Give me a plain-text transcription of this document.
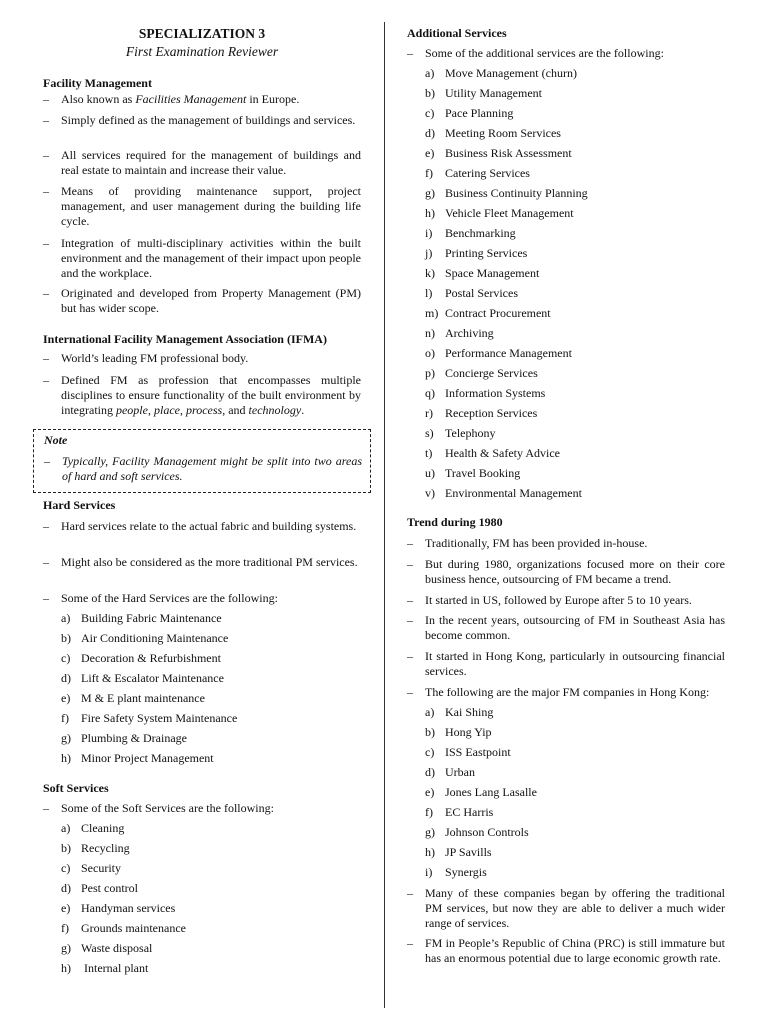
SPECIALIZATION 3
First Examination Reviewer
Facility Management
– Also known as Facilities Management in Europe.
– Simply defined as the management of buildings and services.
– All services required for the management of buildings and real estate to maintain and increase their value.
– Means of providing maintenance support, project management, and user management during the building life cycle.
– Integration of multi-disciplinary activities within the built environment and the management of their impact upon people and the workplace.
– Originated and developed from Property Management (PM) but has wider scope.
International Facility Management Association (IFMA)
– World’s leading FM professional body.
– Defined FM as profession that encompasses multiple disciplines to ensure functionality of the built environment by integrating people, place, process, and technology.
Note
– Typically, Facility Management might be split into two areas of hard and soft services.
Hard Services
– Hard services relate to the actual fabric and building systems.
– Might also be considered as the more traditional PM services.
– Some of the Hard Services are the following:
a) Building Fabric Maintenance
b) Air Conditioning Maintenance
c) Decoration & Refurbishment
d) Lift & Escalator Maintenance
e) M & E plant maintenance
f) Fire Safety System Maintenance
g) Plumbing & Drainage
h) Minor Project Management
Soft Services
– Some of the Soft Services are the following:
a) Cleaning
b) Recycling
c) Security
d) Pest control
e) Handyman services
f) Grounds maintenance
g) Waste disposal
h) Internal plant
Additional Services
– Some of the additional services are the following:
a) Move Management (churn)
b) Utility Management
c) Pace Planning
d) Meeting Room Services
e) Business Risk Assessment
f) Catering Services
g) Business Continuity Planning
h) Vehicle Fleet Management
i) Benchmarking
j) Printing Services
k) Space Management
l) Postal Services
m) Contract Procurement
n) Archiving
o) Performance Management
p) Concierge Services
q) Information Systems
r) Reception Services
s) Telephony
t) Health & Safety Advice
u) Travel Booking
v) Environmental Management
Trend during 1980
– Traditionally, FM has been provided in-house.
– But during 1980, organizations focused more on their core business hence, outsourcing of FM became a trend.
– It started in US, followed by Europe after 5 to 10 years.
– In the recent years, outsourcing of FM in Southeast Asia has become common.
– It started in Hong Kong, particularly in outsourcing financial services.
– The following are the major FM companies in Hong Kong:
a) Kai Shing
b) Hong Yip
c) ISS Eastpoint
d) Urban
e) Jones Lang Lasalle
f) EC Harris
g) Johnson Controls
h) JP Savills
i) Synergis
– Many of these companies began by offering the traditional PM services, but now they are able to deliver a much wider range of services.
– FM in People’s Republic of China (PRC) is still immature but has an enormous potential due to large economic growth rate.
